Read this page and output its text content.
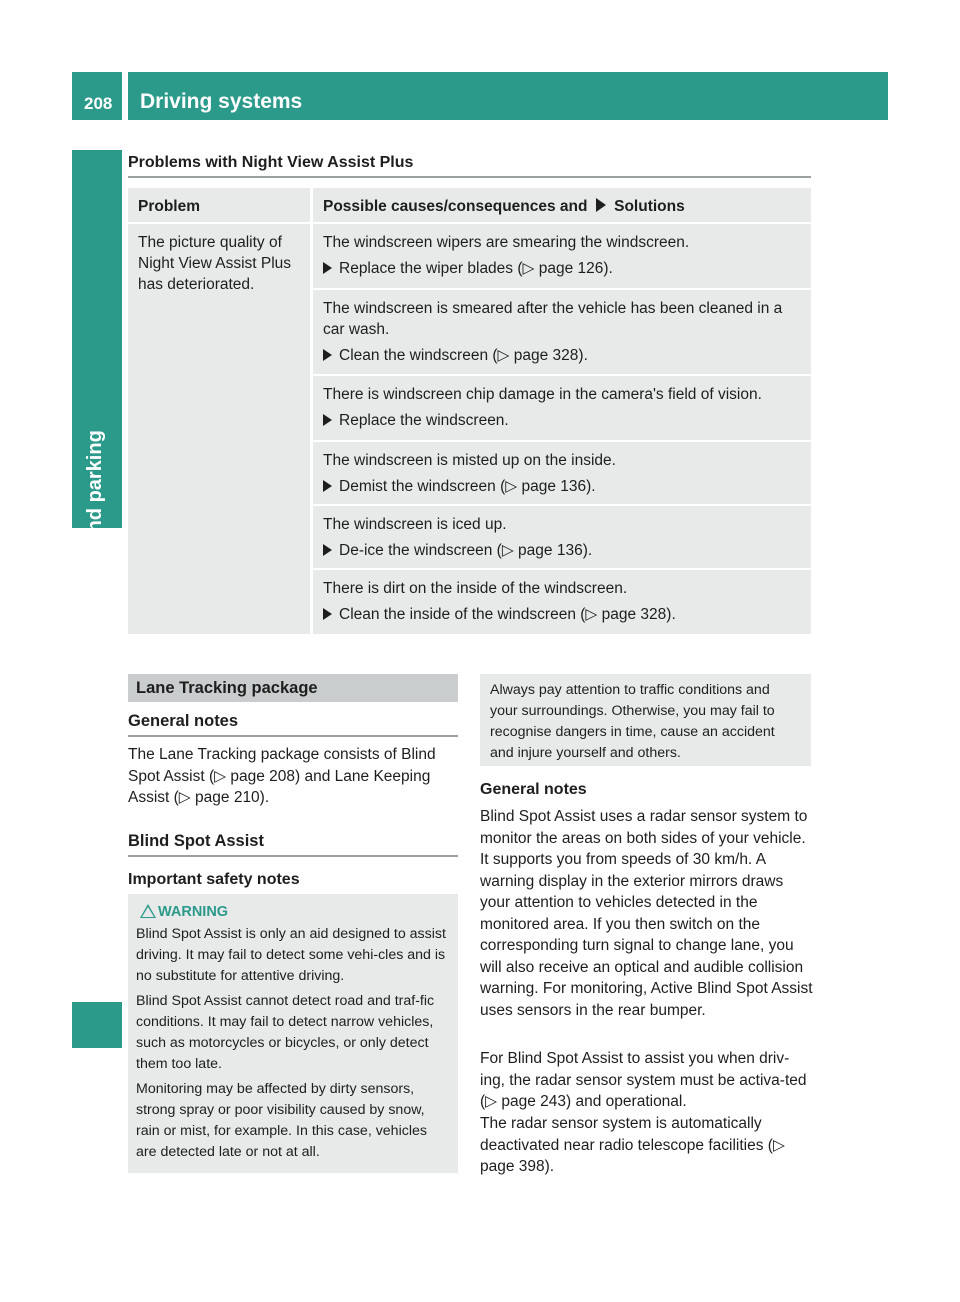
208 Driving systems
Driving and parking
Problems with Night View Assist Plus
Problem	Possible causes/consequences and Solutions
The picture quality of Night View Assist Plus has deteriorated.

The windscreen wipers are smearing the windscreen.

Replace the wiper blades (▷ page 126).

The windscreen is smeared after the vehicle has been cleaned in a car wash.

Clean the windscreen (▷ page 328).

There is windscreen chip damage in the camera's field of vision.

Replace the windscreen.

The windscreen is misted up on the inside.

Demist the windscreen (▷ page 136).

The windscreen is iced up.

De-ice the windscreen (▷ page 136).

There is dirt on the inside of the windscreen.

Clean the inside of the windscreen (▷ page 328).

Lane Tracking package
General notes
The Lane Tracking package consists of Blind Spot Assist (▷ page 208) and Lane Keeping Assist (▷ page 210).
Blind Spot Assist
Important safety notes
WARNING

Blind Spot Assist is only an aid designed to assist driving. It may fail to detect some vehi-cles and is no substitute for attentive driving.

Blind Spot Assist cannot detect road and traf-fic conditions. It may fail to detect narrow vehicles, such as motorcycles or bicycles, or only detect them too late.

Monitoring may be affected by dirty sensors, strong spray or poor visibility caused by snow, rain or mist, for example. In this case, vehicles are detected late or not at all.

Always pay attention to traffic conditions and your surroundings. Otherwise, you may fail to recognise dangers in time, cause an accident and injure yourself and others.
General notes
Blind Spot Assist uses a radar sensor system to monitor the areas on both sides of your vehicle. It supports you from speeds of 30 km/h. A warning display in the exterior mirrors draws your attention to vehicles detected in the monitored area. If you then switch on the corresponding turn signal to change lane, you will also receive an optical and audible collision warning. For monitoring, Active Blind Spot Assist uses sensors in the rear bumper.
For Blind Spot Assist to assist you when driv-ing, the radar sensor system must be activa-ted (▷ page 243) and operational.
The radar sensor system is automatically deactivated near radio telescope facilities (▷ page 398).
